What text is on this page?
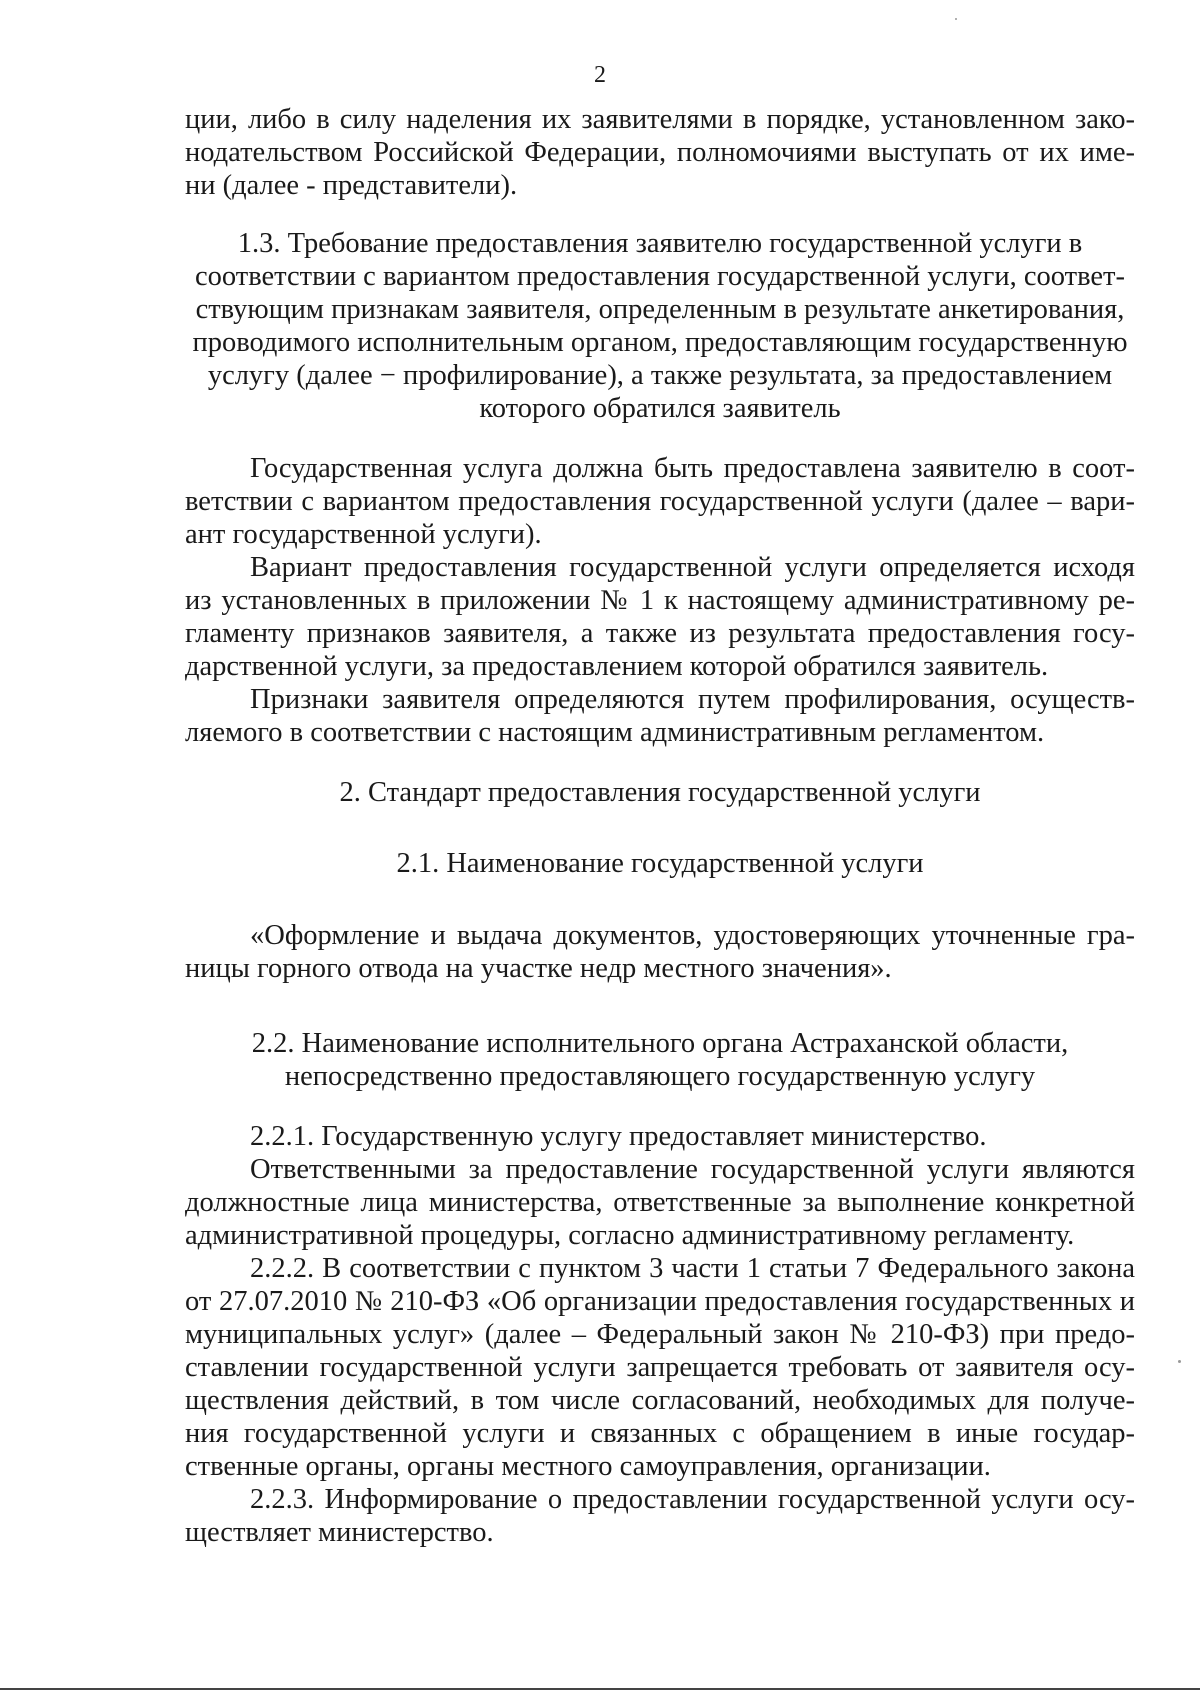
2
ции, либо в силу наделения их заявителями в порядке, установленном зако-
нодательством Российской Федерации, полномочиями выступать от их име-
ни (далее - представители).
1.3. Требование предоставления заявителю государственной услуги в
соответствии с вариантом предоставления государственной услуги, соответ-
ствующим признакам заявителя, определенным в результате анкетирования,
проводимого исполнительным органом, предоставляющим государственную
услугу (далее − профилирование), а также результата, за предоставлением
которого обратился заявитель
Государственная услуга должна быть предоставлена заявителю в соот-
ветствии с вариантом предоставления государственной услуги (далее – вари-
ант государственной услуги).
Вариант предоставления государственной услуги определяется исходя
из установленных в приложении № 1 к настоящему административному ре-
гламенту признаков заявителя, а также из результата предоставления госу-
дарственной услуги, за предоставлением которой обратился заявитель.
Признаки заявителя определяются путем профилирования, осуществ-
ляемого в соответствии с настоящим административным регламентом.
2. Стандарт предоставления государственной услуги
2.1. Наименование государственной услуги
«Оформление и выдача документов, удостоверяющих уточненные гра-
ницы горного отвода на участке недр местного значения».
2.2. Наименование исполнительного органа Астраханской области,
непосредственно предоставляющего государственную услугу
2.2.1. Государственную услугу предоставляет министерство.
Ответственными за предоставление государственной услуги являются
должностные лица министерства, ответственные за выполнение конкретной
административной процедуры, согласно административному регламенту.
2.2.2. В соответствии с пунктом 3 части 1 статьи 7 Федерального закона
от 27.07.2010 № 210-ФЗ «Об организации предоставления государственных и
муниципальных услуг» (далее – Федеральный закон № 210-ФЗ) при предо-
ставлении государственной услуги запрещается требовать от заявителя осу-
ществления действий, в том числе согласований, необходимых для получе-
ния государственной услуги и связанных с обращением в иные государ-
ственные органы, органы местного самоуправления, организации.
2.2.3. Информирование о предоставлении государственной услуги осу-
ществляет министерство.
